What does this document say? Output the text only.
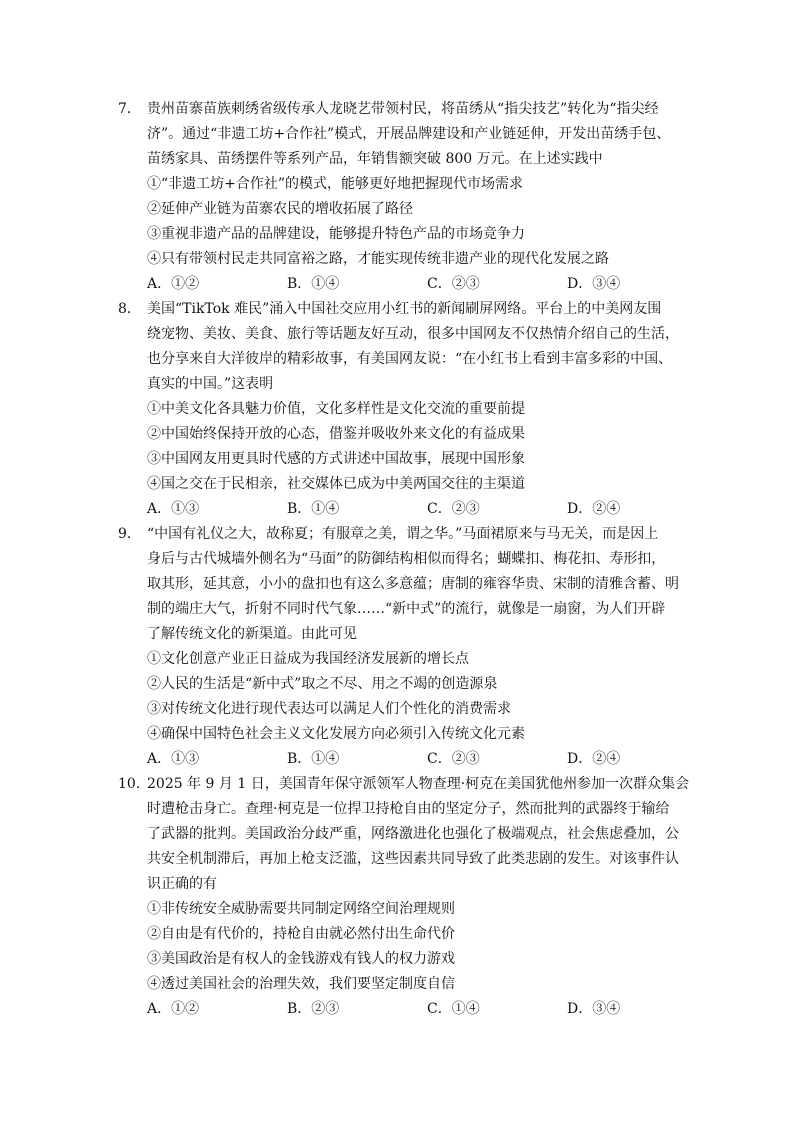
7． 贵州苗寨苗族刺绣省级传承人龙晓艺带领村民，将苗绣从“指尖技艺”转化为“指尖经
济”。通过“非遗工坊+合作社”模式，开展品牌建设和产业链延伸，开发出苗绣手包、
苗绣家具、苗绣摆件等系列产品，年销售额突破 800 万元。在上述实践中
①“非遗工坊+合作社”的模式，能够更好地把握现代市场需求
②延伸产业链为苗寨农民的增收拓展了路径
③重视非遗产品的品牌建设，能够提升特色产品的市场竞争力
④只有带领村民走共同富裕之路，才能实现传统非遗产业的现代化发展之路
A．①②	B．①④	C．②③	D．③④
8． 美国“TikTok 难民”涌入中国社交应用小红书的新闻刷屏网络。平台上的中美网友围
绕宠物、美妆、美食、旅行等话题友好互动，很多中国网友不仅热情介绍自己的生活，
也分享来自大洋彼岸的精彩故事，有美国网友说：“在小红书上看到丰富多彩的中国、
真实的中国。”这表明
①中美文化各具魅力价值，文化多样性是文化交流的重要前提
②中国始终保持开放的心态，借鉴并吸收外来文化的有益成果
③中国网友用更具时代感的方式讲述中国故事，展现中国形象
④国之交在于民相亲，社交媒体已成为中美两国交往的主渠道
A．①③	B．①④	C．②③	D．②④
9． “中国有礼仪之大，故称夏；有服章之美，谓之华。”马面裙原来与马无关，而是因上
身后与古代城墙外侧名为“马面”的防御结构相似而得名；蝴蝶扣、梅花扣、寿形扣，
取其形，延其意，小小的盘扣也有这么多意蕴；唐制的雍容华贵、宋制的清雅含蓄、明
制的端庄大气，折射不同时代气象……“新中式”的流行，就像是一扇窗，为人们开辟
了解传统文化的新渠道。由此可见
①文化创意产业正日益成为我国经济发展新的增长点
②人民的生活是“新中式”取之不尽、用之不竭的创造源泉
③对传统文化进行现代表达可以满足人们个性化的消费需求
④确保中国特色社会主义文化发展方向必须引入传统文化元素
A．①③	B．①④	C．②③	D．②④
10．
2025 年 9 月 1 日，美国青年保守派领军人物查理·柯克在美国犹他州参加一次群众集会
时遭枪击身亡。查理·柯克是一位捍卫持枪自由的坚定分子，然而批判的武器终于输给
了武器的批判。美国政治分歧严重，网络激进化也强化了极端观点，社会焦虑叠加，公
共安全机制滞后，再加上枪支泛滥，这些因素共同导致了此类悲剧的发生。对该事件认
识正确的有
①非传统安全威胁需要共同制定网络空间治理规则
②自由是有代价的，持枪自由就必然付出生命代价
③美国政治是有权人的金钱游戏有钱人的权力游戏
④透过美国社会的治理失效，我们要坚定制度自信
A．①②	B．②③	C．①④	D．③④
